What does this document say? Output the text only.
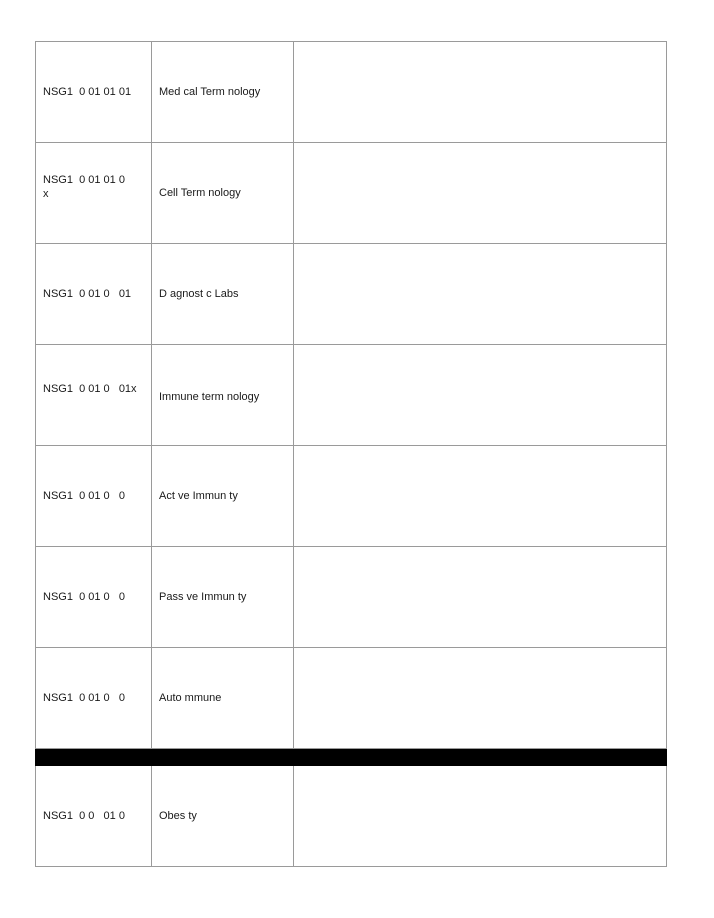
NSG1  0 01 01 01	Med cal Term nology	

NSG1  0 01 01 0
x	Cell Term nology	
NSG1  0 01 0   01	D agnost c Labs	

NSG1  0 01 0   01x	Immune term nology	
NSG1  0 01 0   0	Act ve Immun ty	
NSG1  0 01 0   0	Pass ve Immun ty	
NSG1  0 01 0   0	Auto mmune	

NSG1  0 0   01 0	Obes ty	
